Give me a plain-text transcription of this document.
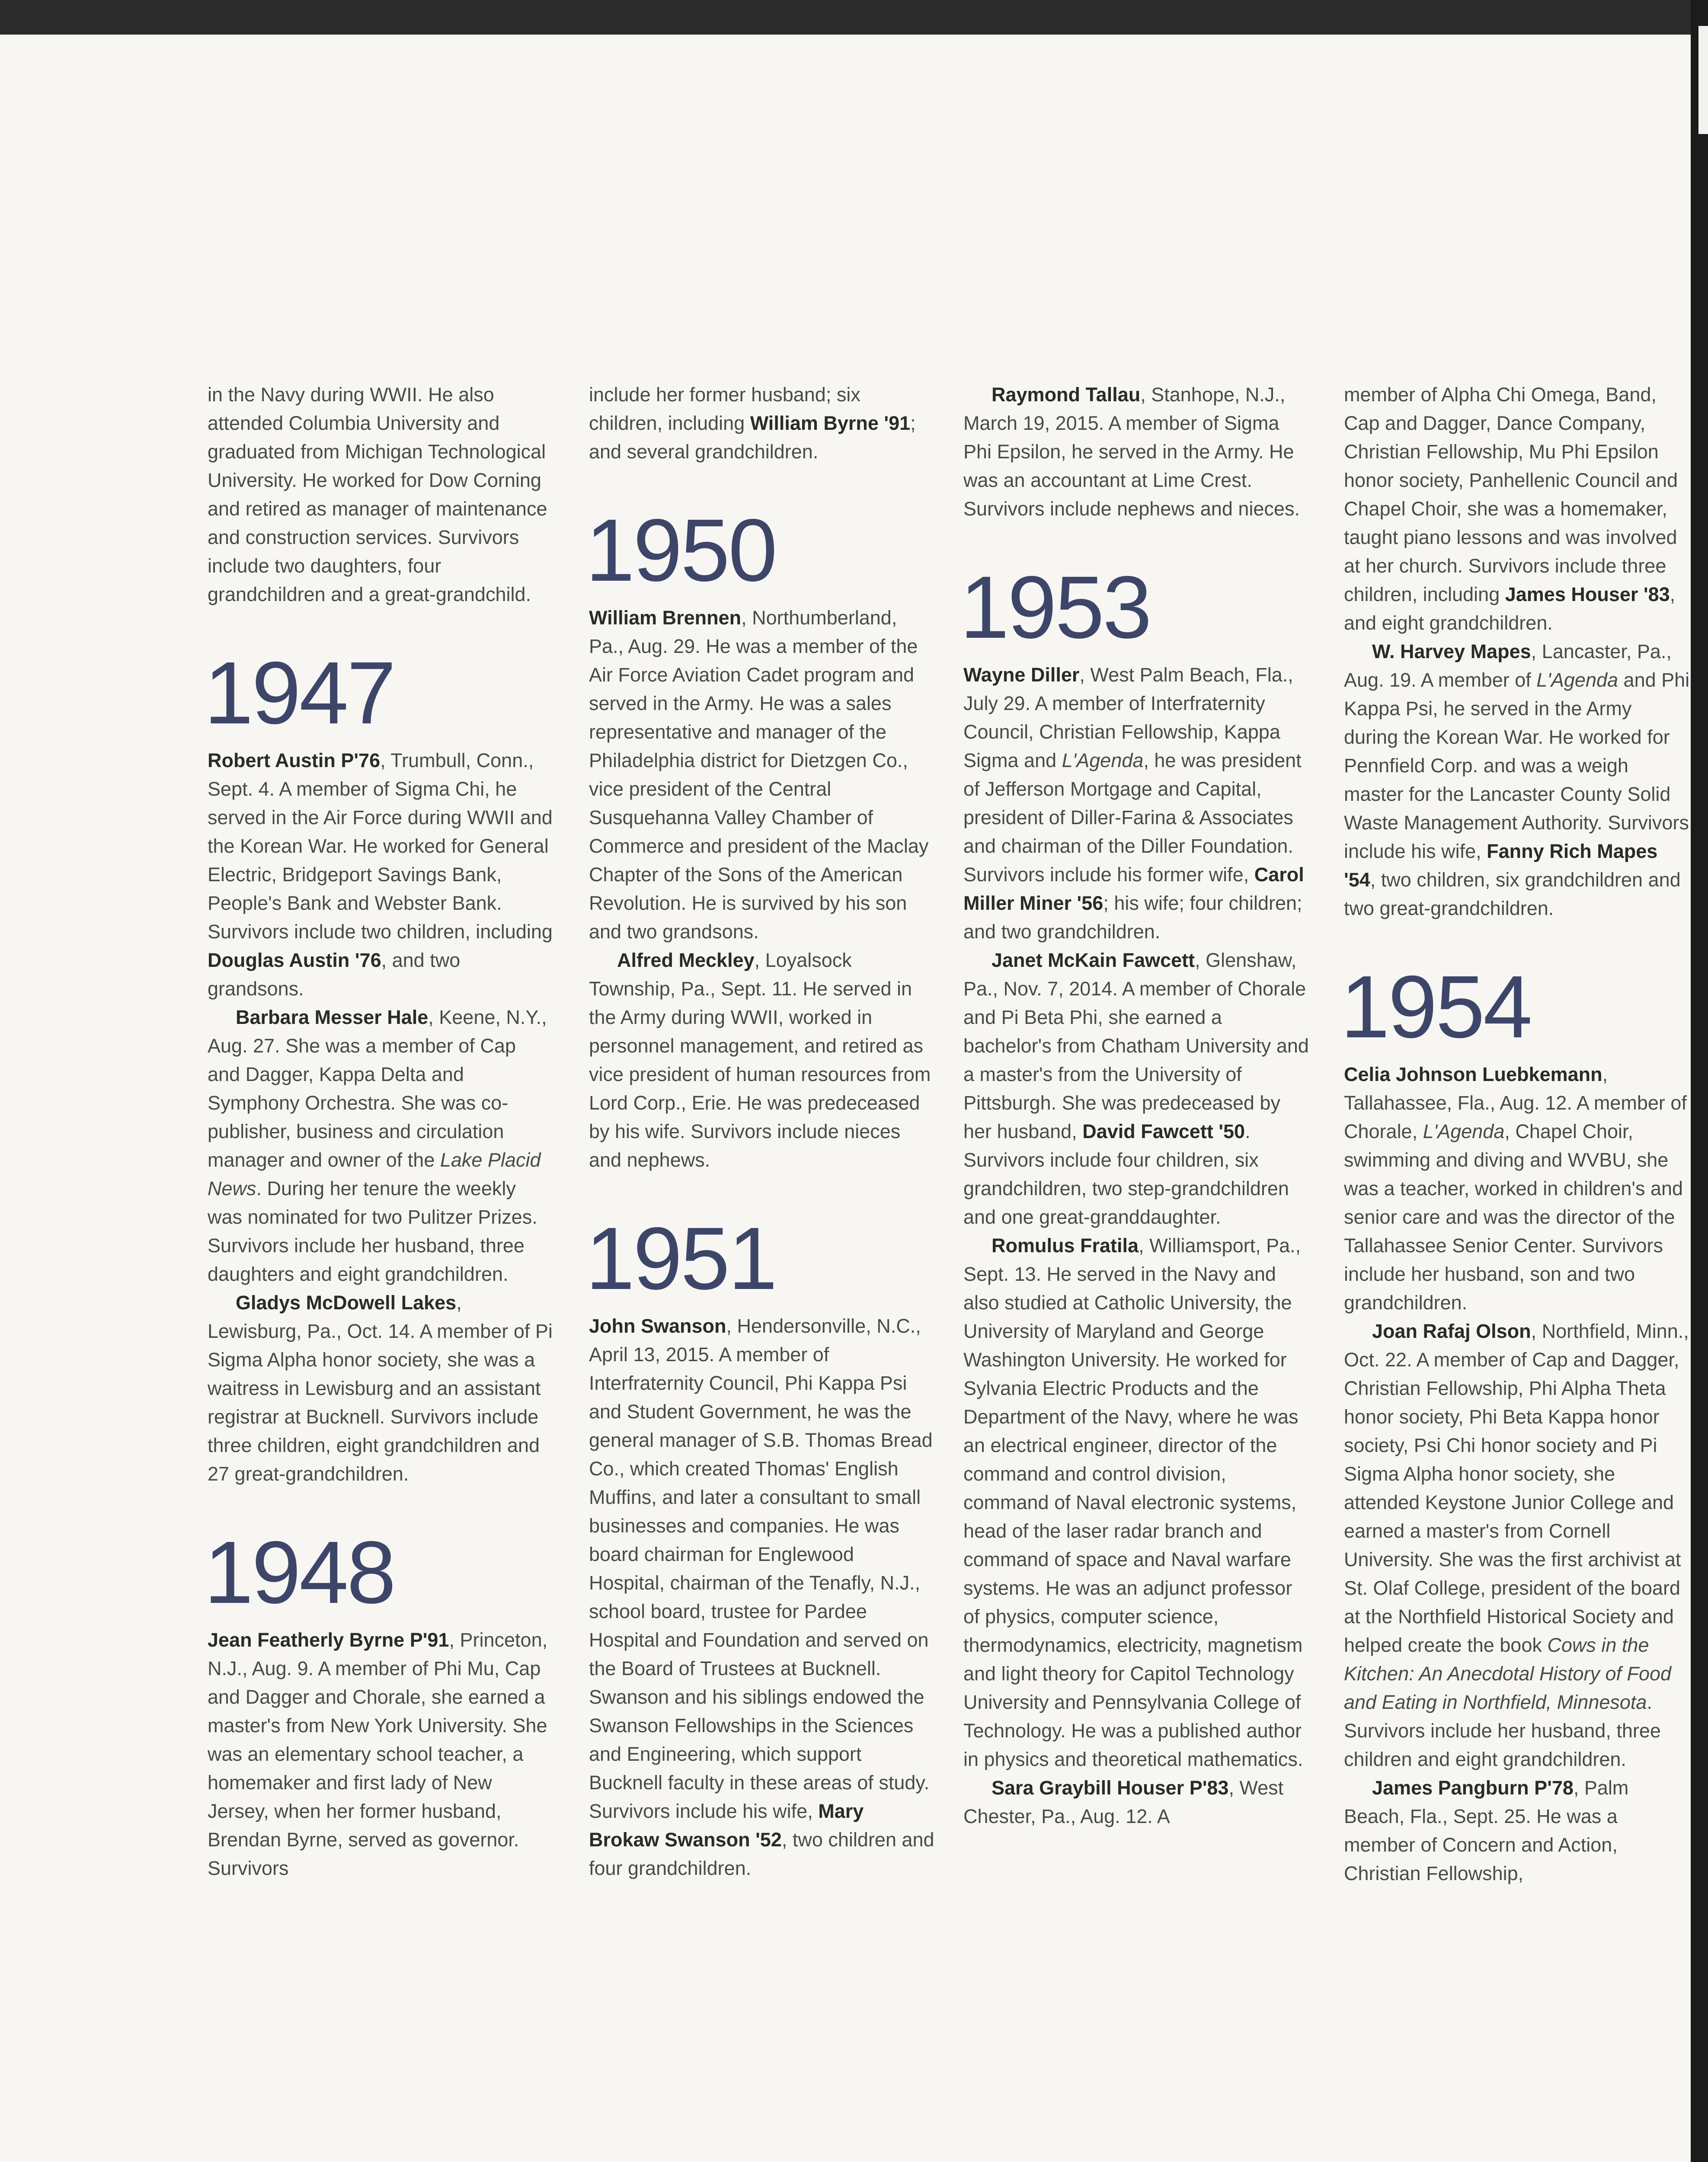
in the Navy during WWII. He also attended Columbia University and graduated from Michigan Technological University. He worked for Dow Corning and retired as manager of maintenance and construction services. Survivors include two daughters, four grandchildren and a great-grandchild.

1947

Robert Austin P'76, Trumbull, Conn., Sept. 4. A member of Sigma Chi, he served in the Air Force during WWII and the Korean War. He worked for General Electric, Bridgeport Savings Bank, People's Bank and Webster Bank. Survivors include two children, including Douglas Austin '76, and two grandsons.

Barbara Messer Hale, Keene, N.Y., Aug. 27. She was a member of Cap and Dagger, Kappa Delta and Symphony Orchestra. She was co-publisher, business and circulation manager and owner of the Lake Placid News. During her tenure the weekly was nominated for two Pulitzer Prizes. Survivors include her husband, three daughters and eight grandchildren.

Gladys McDowell Lakes, Lewisburg, Pa., Oct. 14. A member of Pi Sigma Alpha honor society, she was a waitress in Lewisburg and an assistant registrar at Bucknell. Survivors include three children, eight grandchildren and 27 great-grandchildren.

1948

Jean Featherly Byrne P'91, Princeton, N.J., Aug. 9. A member of Phi Mu, Cap and Dagger and Chorale, she earned a master's from New York University. She was an elementary school teacher, a homemaker and first lady of New Jersey, when her former husband, Brendan Byrne, served as governor. Survivors

include her former husband; six children, including William Byrne '91; and several grandchildren.

1950

William Brennen, Northumberland, Pa., Aug. 29. He was a member of the Air Force Aviation Cadet program and served in the Army. He was a sales representative and manager of the Philadelphia district for Dietzgen Co., vice president of the Central Susquehanna Valley Chamber of Commerce and president of the Maclay Chapter of the Sons of the American Revolution. He is survived by his son and two grandsons.

Alfred Meckley, Loyalsock Township, Pa., Sept. 11. He served in the Army during WWII, worked in personnel management, and retired as vice president of human resources from Lord Corp., Erie. He was predeceased by his wife. Survivors include nieces and nephews.

1951

John Swanson, Hendersonville, N.C., April 13, 2015. A member of Interfraternity Council, Phi Kappa Psi and Student Government, he was the general manager of S.B. Thomas Bread Co., which created Thomas' English Muffins, and later a consultant to small businesses and companies. He was board chairman for Englewood Hospital, chairman of the Tenafly, N.J., school board, trustee for Pardee Hospital and Foundation and served on the Board of Trustees at Bucknell. Swanson and his siblings endowed the Swanson Fellowships in the Sciences and Engineering, which support Bucknell faculty in these areas of study. Survivors include his wife, Mary Brokaw Swanson '52, two children and four grandchildren.

Raymond Tallau, Stanhope, N.J., March 19, 2015. A member of Sigma Phi Epsilon, he served in the Army. He was an accountant at Lime Crest. Survivors include nephews and nieces.

1953

Wayne Diller, West Palm Beach, Fla., July 29. A member of Interfraternity Council, Christian Fellowship, Kappa Sigma and L'Agenda, he was president of Jefferson Mortgage and Capital, president of Diller-Farina & Associates and chairman of the Diller Foundation. Survivors include his former wife, Carol Miller Miner '56; his wife; four children; and two grandchildren.

Janet McKain Fawcett, Glenshaw, Pa., Nov. 7, 2014. A member of Chorale and Pi Beta Phi, she earned a bachelor's from Chatham University and a master's from the University of Pittsburgh. She was predeceased by her husband, David Fawcett '50. Survivors include four children, six grandchildren, two step-grandchildren and one great-granddaughter.

Romulus Fratila, Williamsport, Pa., Sept. 13. He served in the Navy and also studied at Catholic University, the University of Maryland and George Washington University. He worked for Sylvania Electric Products and the Department of the Navy, where he was an electrical engineer, director of the command and control division, command of Naval electronic systems, head of the laser radar branch and command of space and Naval warfare systems. He was an adjunct professor of physics, computer science, thermodynamics, electricity, magnetism and light theory for Capitol Technology University and Pennsylvania College of Technology. He was a published author in physics and theoretical mathematics.

Sara Graybill Houser P'83, West Chester, Pa., Aug. 12. A

member of Alpha Chi Omega, Band, Cap and Dagger, Dance Company, Christian Fellowship, Mu Phi Epsilon honor society, Panhellenic Council and Chapel Choir, she was a homemaker, taught piano lessons and was involved at her church. Survivors include three children, including James Houser '83, and eight grandchildren.

W. Harvey Mapes, Lancaster, Pa., Aug. 19. A member of L'Agenda and Phi Kappa Psi, he served in the Army during the Korean War. He worked for Pennfield Corp. and was a weigh master for the Lancaster County Solid Waste Management Authority. Survivors include his wife, Fanny Rich Mapes '54, two children, six grandchildren and two great-grandchildren.

1954

Celia Johnson Luebkemann, Tallahassee, Fla., Aug. 12. A member of Chorale, L'Agenda, Chapel Choir, swimming and diving and WVBU, she was a teacher, worked in children's and senior care and was the director of the Tallahassee Senior Center. Survivors include her husband, son and two grandchildren.

Joan Rafaj Olson, Northfield, Minn., Oct. 22. A member of Cap and Dagger, Christian Fellowship, Phi Alpha Theta honor society, Phi Beta Kappa honor society, Psi Chi honor society and Pi Sigma Alpha honor society, she attended Keystone Junior College and earned a master's from Cornell University. She was the first archivist at St. Olaf College, president of the board at the Northfield Historical Society and helped create the book Cows in the Kitchen: An Anecdotal History of Food and Eating in Northfield, Minnesota. Survivors include her husband, three children and eight grandchildren.

James Pangburn P'78, Palm Beach, Fla., Sept. 25. He was a member of Concern and Action, Christian Fellowship,
